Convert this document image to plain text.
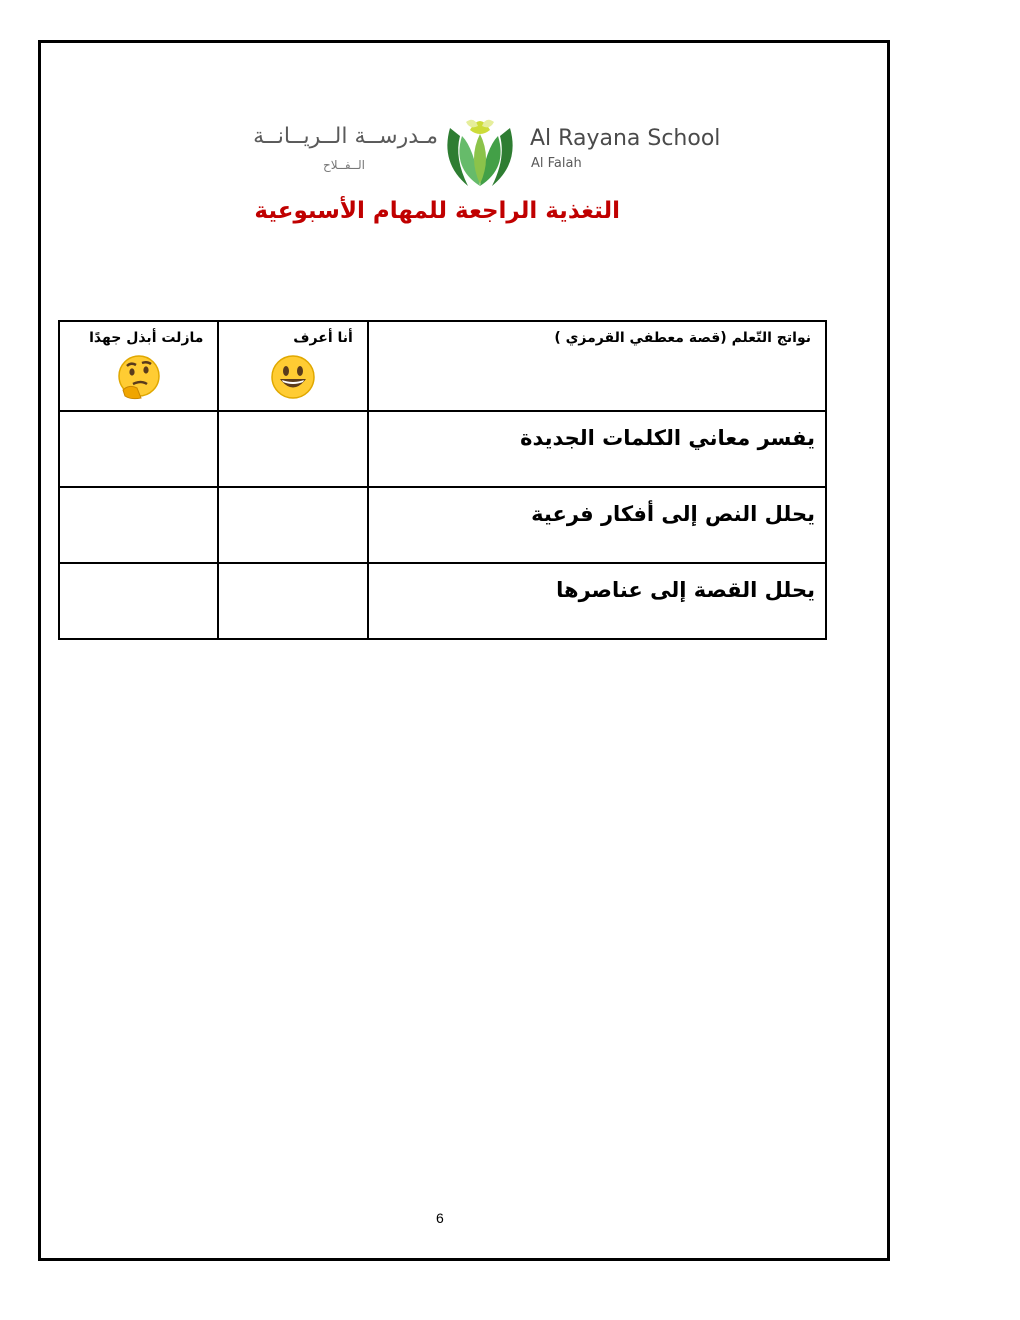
مـدرســة الــريــانــة
الــفــلاح
Al Rayana School
Al Falah
التغذية الراجعة للمهام الأسبوعية
نواتج التّعلم (قصة معطفي القرمزي )	أنا أعرف	مازلت أبذل جهدًا

يفسر معاني الكلمات الجديدة		
يحلل النص إلى أفكار فرعية		
يحلل القصة إلى عناصرها		
6
